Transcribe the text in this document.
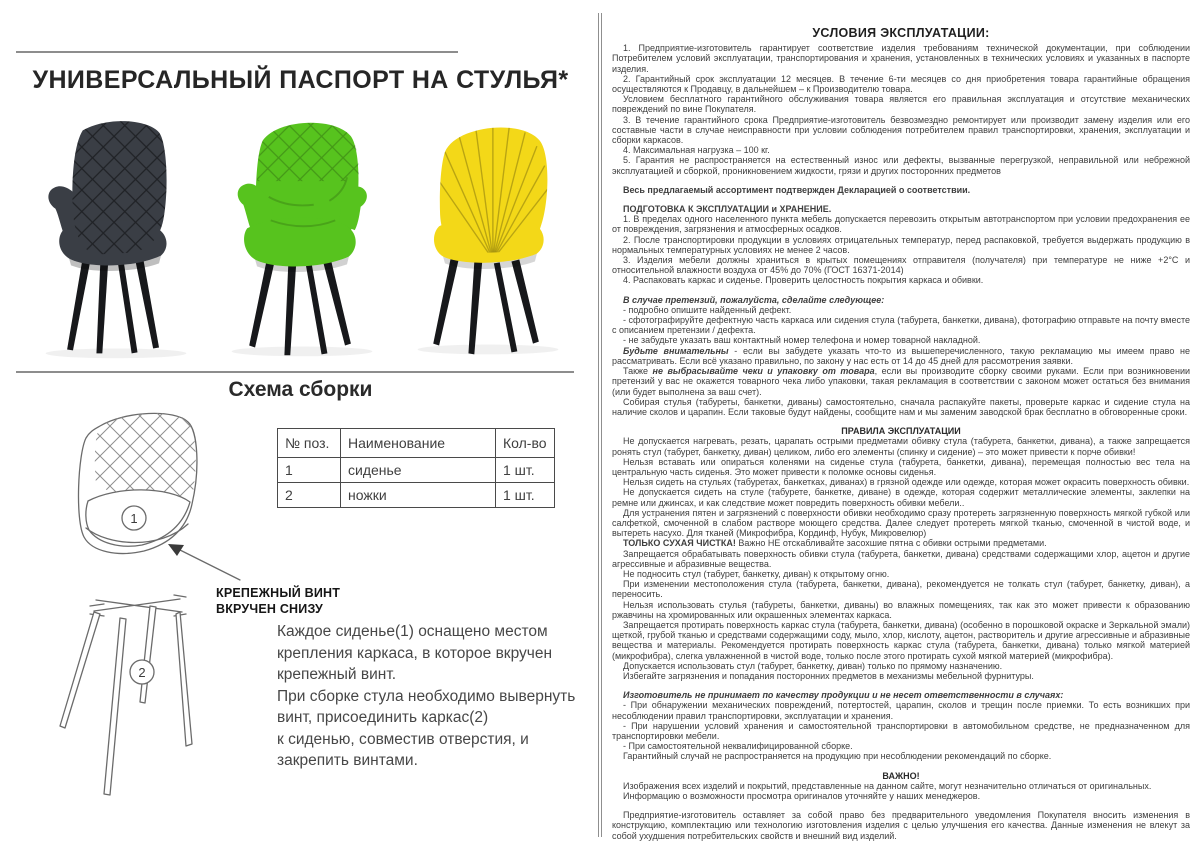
УНИВЕРСАЛЬНЫЙ ПАСПОРТ НА СТУЛЬЯ*
Схема сборки
1
2
№ поз.	Наименование	Кол-во
1	сиденье	1 шт.
2	ножки	1 шт.
КРЕПЕЖНЫЙ ВИНТ
ВКРУЧЕН СНИЗУ
Каждое сиденье(1) оснащено местом
крепления каркаса, в которое вкручен
крепежный винт.
При сборке стула необходимо вывернуть
винт, присоединить каркас(2)
к сиденью, совместив отверстия, и
закрепить винтами.
УСЛОВИЯ ЭКСПЛУАТАЦИИ:

1. Предприятие-изготовитель гарантирует соответствие изделия требованиям технической документации, при соблюдении Потребителем условий эксплуатации, транспортирования и хранения, установленных в технических условиях и указанных в паспорте изделия.

2. Гарантийный срок эксплуатации 12 месяцев. В течение 6-ти месяцев со дня приобретения товара гарантийные обращения осуществляются к Продавцу, в дальнейшем – к Производителю товара.

Условием бесплатного гарантийного обслуживания товара является его правильная эксплуатация и отсутствие механических повреждений по вине Покупателя.

3. В течение гарантийного срока Предприятие-изготовитель безвозмездно ремонтирует или производит замену изделия или его составные части в случае неисправности при условии соблюдения потребителем правил транспортировки, хранения, эксплуатации и сборки каркасов.

4. Максимальная нагрузка – 100 кг.

5. Гарантия не распространяется на естественный износ или дефекты, вызванные перегрузкой, неправильной или небрежной эксплуатацией и сборкой, проникновением жидкости, грязи и других посторонних предметов

Весь предлагаемый ассортимент подтвержден Декларацией о соответствии.

ПОДГОТОВКА К ЭКСПЛУАТАЦИИ и ХРАНЕНИЕ.

1. В пределах одного населенного пункта мебель допускается перевозить открытым автотранспортом при условии предохранения ее от повреждения, загрязнения и атмосферных осадков.

2. После транспортировки продукции в условиях отрицательных температур, перед распаковкой, требуется выдержать продукцию в нормальных температурных условиях не менее 2 часов.

3. Изделия мебели должны храниться в крытых помещениях отправителя (получателя) при температуре не ниже +2°С и относительной влажности воздуха от 45% до 70% (ГОСТ 16371-2014)

4. Распаковать каркас и сиденье. Проверить целостность покрытия каркаса и обивки.

В случае претензий, пожалуйста, сделайте следующее:

- подробно опишите найденный дефект.

- сфотографируйте дефектную часть каркаса или сидения стула (табурета, банкетки, дивана), фотографию отправьте на почту вместе с описанием претензии / дефекта.

- не забудьте указать ваш контактный номер телефона и номер товарной накладной.

Будьте внимательны - если вы забудете указать что-то из вышеперечисленного, такую рекламацию мы имеем право не рассматривать. Если всё указано правильно, по закону у нас есть от 14 до 45 дней для рассмотрения заявки.

Также не выбрасывайте чеки и упаковку от товара, если вы производите сборку своими руками. Если при возникновении претензий у вас не окажется товарного чека либо упаковки, такая рекламация в соответствии с законом может остаться без внимания (или будет выполнена за ваш счет).

Собирая стулья (табуреты, банкетки, диваны) самостоятельно, сначала распакуйте пакеты, проверьте каркас и сидение стула на наличие сколов и царапин. Если таковые будут найдены, сообщите нам и мы заменим заводской брак бесплатно в обговоренные сроки.

ПРАВИЛА ЭКСПЛУАТАЦИИ

Не допускается нагревать, резать, царапать острыми предметами обивку стула (табурета, банкетки, дивана), а также запрещается ронять стул (табурет, банкетку, диван) целиком, либо его элементы (спинку и сидение) – это может привести к порче обивки!

Нельзя вставать или опираться коленями на сиденье стула (табурета, банкетки, дивана), перемещая полностью вес тела на центральную часть сиденья. Это может привести к поломке основы сиденья.

Нельзя сидеть на стульях (табуретах, банкетках, диванах) в грязной одежде или одежде, которая может окрасить поверхность обивки.

Не допускается сидеть на стуле (табурете, банкетке, диване) в одежде, которая содержит металлические элементы, заклепки на ремне или джинсах, и как следствие может повредить поверхность обивки мебели..

Для устранения пятен и загрязнений с поверхности обивки необходимо сразу протереть загрязненную поверхность мягкой губкой или салфеткой, смоченной в слабом растворе моющего средства. Далее следует протереть мягкой тканью, смоченной в чистой воде, и вытереть насухо. Для тканей (Микрофибра, Кординф, Нубук, Микровелюр)

ТОЛЬКО СУХАЯ ЧИСТКА! Важно НЕ отскабливайте засохшие пятна с обивки острыми предметами.

Запрещается обрабатывать поверхность обивки стула (табурета, банкетки, дивана) средствами содержащими хлор, ацетон и другие агрессивные и абразивные вещества.

Не подносить стул (табурет, банкетку, диван) к открытому огню.

При изменении местоположения стула (табурета, банкетки, дивана), рекомендуется не толкать стул (табурет, банкетку, диван), а переносить.

Нельзя использовать стулья (табуреты, банкетки, диваны) во влажных помещениях, так как это может привести к образованию ржавчины на хромированных или окрашенных элементах каркаса.

Запрещается протирать поверхность каркас стула (табурета, банкетки, дивана) (особенно в порошковой окраске и Зеркальной эмали) щеткой, грубой тканью и средствами содержащими соду, мыло, хлор, кислоту, ацетон, растворитель и другие агрессивные и абразивные вещества и материалы. Рекомендуется протирать поверхность каркас стула (табурета, банкетки, дивана) только мягкой материей (микрофибра), слегка увлажненной в чистой воде, только после этого протирать сухой мягкой материей (микрофибра).

Допускается использовать стул (табурет, банкетку, диван) только по прямому назначению.

Избегайте загрязнения и попадания посторонних предметов в механизмы мебельной фурнитуры.

Изготовитель не принимает по качеству продукции и не несет ответственности в случаях:

- При обнаружении механических повреждений, потертостей, царапин, сколов и трещин после приемки. То есть возникших при несоблюдении правил транспортировки, эксплуатации и хранения.

- При нарушении условий хранения и самостоятельной транспортировки в автомобильном средстве, не предназначенном для транспортировки мебели.

- При самостоятельной неквалифицированной сборке.

Гарантийный случай не распространяется на продукцию при несоблюдении рекомендаций по сборке.

ВАЖНО!

Изображения всех изделий и покрытий, представленные на данном сайте, могут незначительно отличаться от оригинальных.

Информацию о возможности просмотра оригиналов уточняйте у наших менеджеров.

Предприятие-изготовитель оставляет за собой право без предварительного уведомления Покупателя вносить изменения в конструкцию, комплектацию или технологию изготовления изделия с целью улучшения его качества. Данные изменения не влекут за собой ухудшения потребительских свойств и внешний вид изделий.
